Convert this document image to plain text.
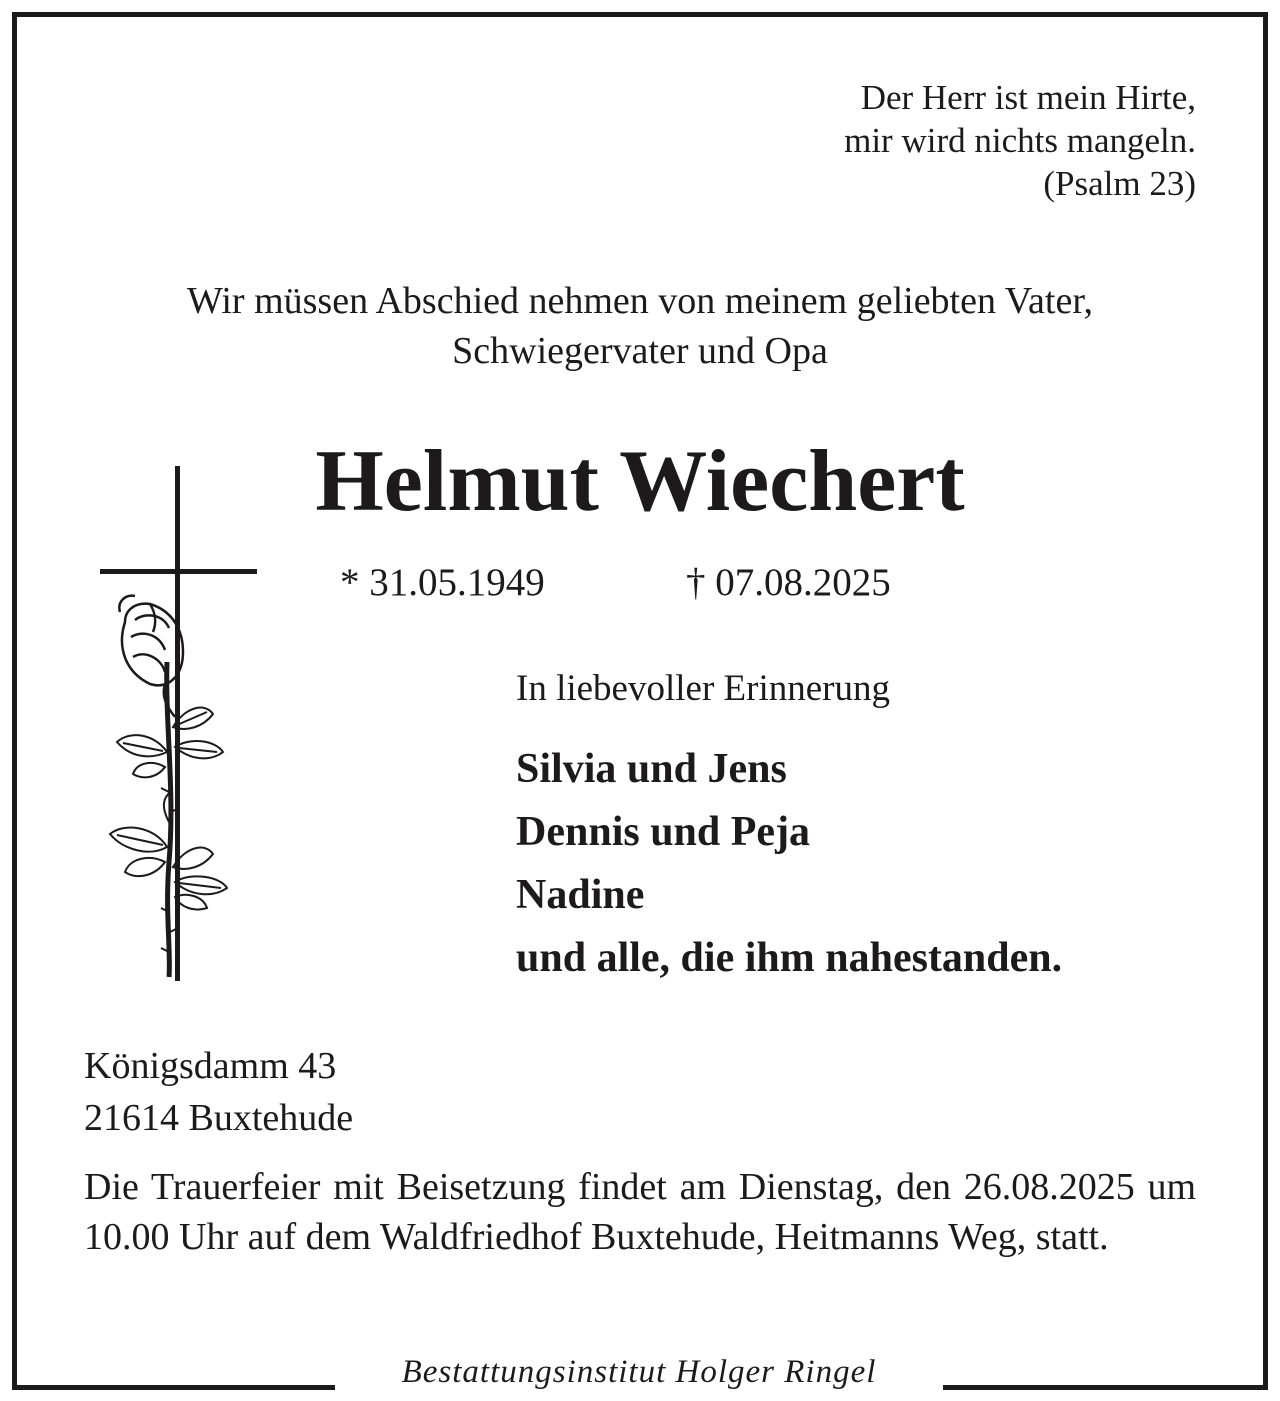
Der Herr ist mein Hirte,
mir wird nichts mangeln.
(Psalm 23)
Wir müssen Abschied nehmen von meinem geliebten Vater,
Schwiegervater und Opa
Helmut Wiechert
* 31.05.1949	† 07.08.2025
In liebevoller Erinnerung
Silvia und Jens
Dennis und Peja
Nadine
und alle, die ihm nahestanden.
Königsdamm 43
21614 Buxtehude
Die Trauerfeier mit Beisetzung findet am Dienstag, den 26.08.2025 um 10.00 Uhr auf dem Waldfriedhof Buxtehude, Heitmanns Weg, statt.
Bestattungsinstitut Holger Ringel
